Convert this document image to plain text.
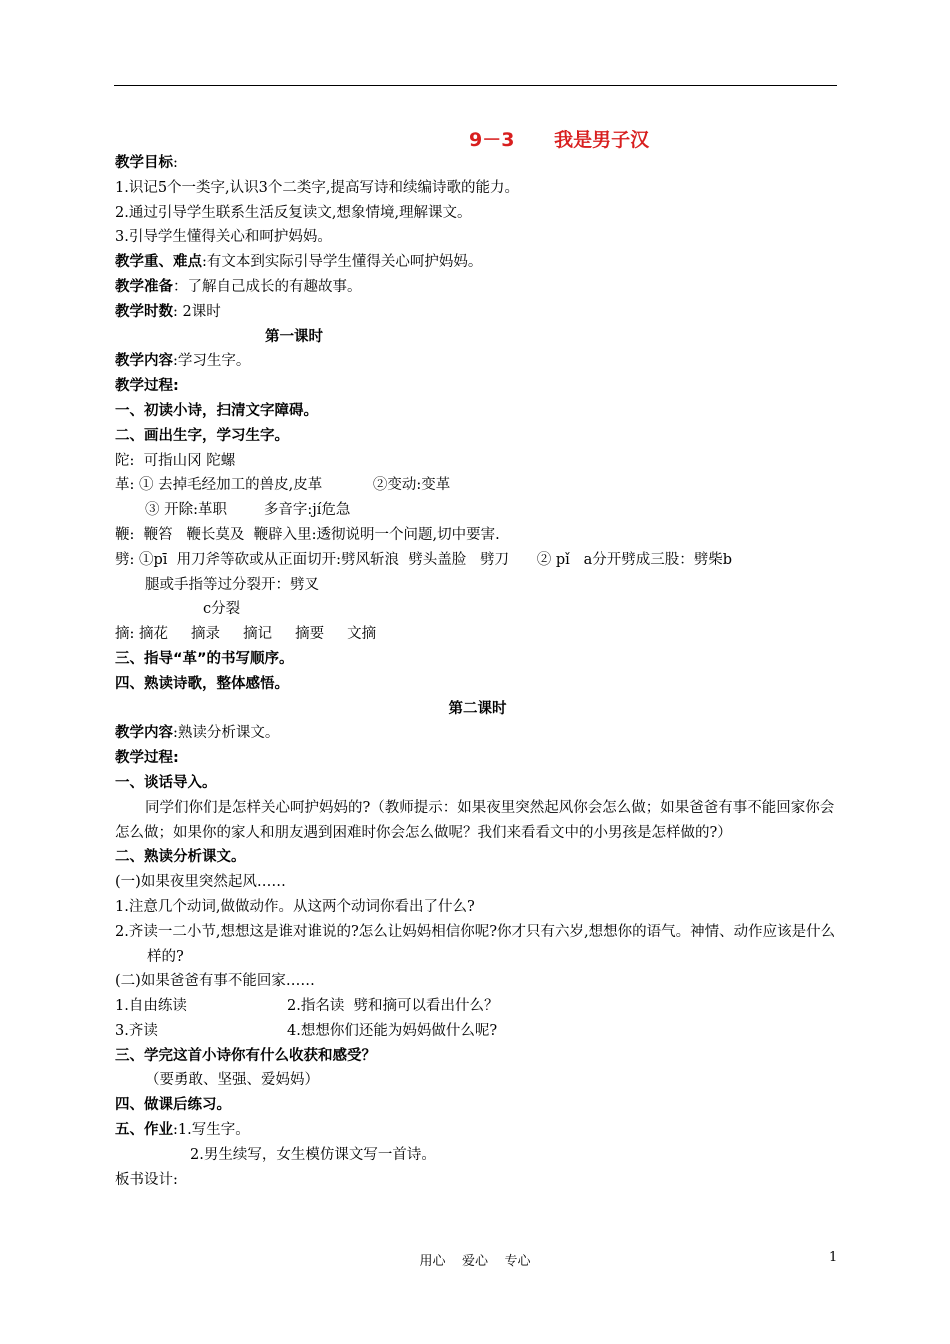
9－3      我是男子汉
教学目标:
1.识记5个一类字,认识3个二类字,提高写诗和续编诗歌的能力。
2.通过引导学生联系生活反复读文,想象情境,理解课文。
3.引导学生懂得关心和呵护妈妈。
教学重、难点:有文本到实际引导学生懂得关心呵护妈妈。
教学准备：了解自己成长的有趣故事。
教学时数: 2课时
第一课时
教学内容:学习生字。
教学过程:
一、初读小诗，扫清文字障碍。
二、画出生字，学习生字。
陀:  可指山冈 陀螺
革: ① 去掉毛经加工的兽皮,皮革           ②变动:变革
③ 开除:革职        多音字:jí危急
鞭:  鞭笞   鞭长莫及  鞭辟入里:透彻说明一个问题,切中要害.
劈: ①pī  用刀斧等砍或从正面切开:劈风斩浪  劈头盖脸   劈刀      ② pǐ   a分开劈成三股：劈柴b
腿或手指等过分裂开：劈叉
c分裂
摘: 摘花     摘录     摘记     摘要     文摘
三、指导“革”的书写顺序。
四、熟读诗歌，整体感悟。
第二课时
教学内容:熟读分析课文。
教学过程:
一、谈话导入。
同学们你们是怎样关心呵护妈妈的?（教师提示：如果夜里突然起风你会怎么做；如果爸爸有事不能回家你会怎么做；如果你的家人和朋友遇到困难时你会怎么做呢？我们来看看文中的小男孩是怎样做的?）
二、熟读分析课文。
(一)如果夜里突然起风……
1.注意几个动词,做做动作。从这两个动词你看出了什么?
2.齐读一二小节,想想这是谁对谁说的?怎么让妈妈相信你呢?你才只有六岁,想想你的语气。神情、动作应该是什么样的?
(二)如果爸爸有事不能回家……
1.自由练读	2.指名读  劈和摘可以看出什么？
3.齐读	4.想想你们还能为妈妈做什么呢?
三、学完这首小诗你有什么收获和感受？
（要勇敢、坚强、爱妈妈）
四、做课后练习。
五、作业:1.写生字。
2.男生续写，女生模仿课文写一首诗。
板书设计:
用心    爱心    专心	1
